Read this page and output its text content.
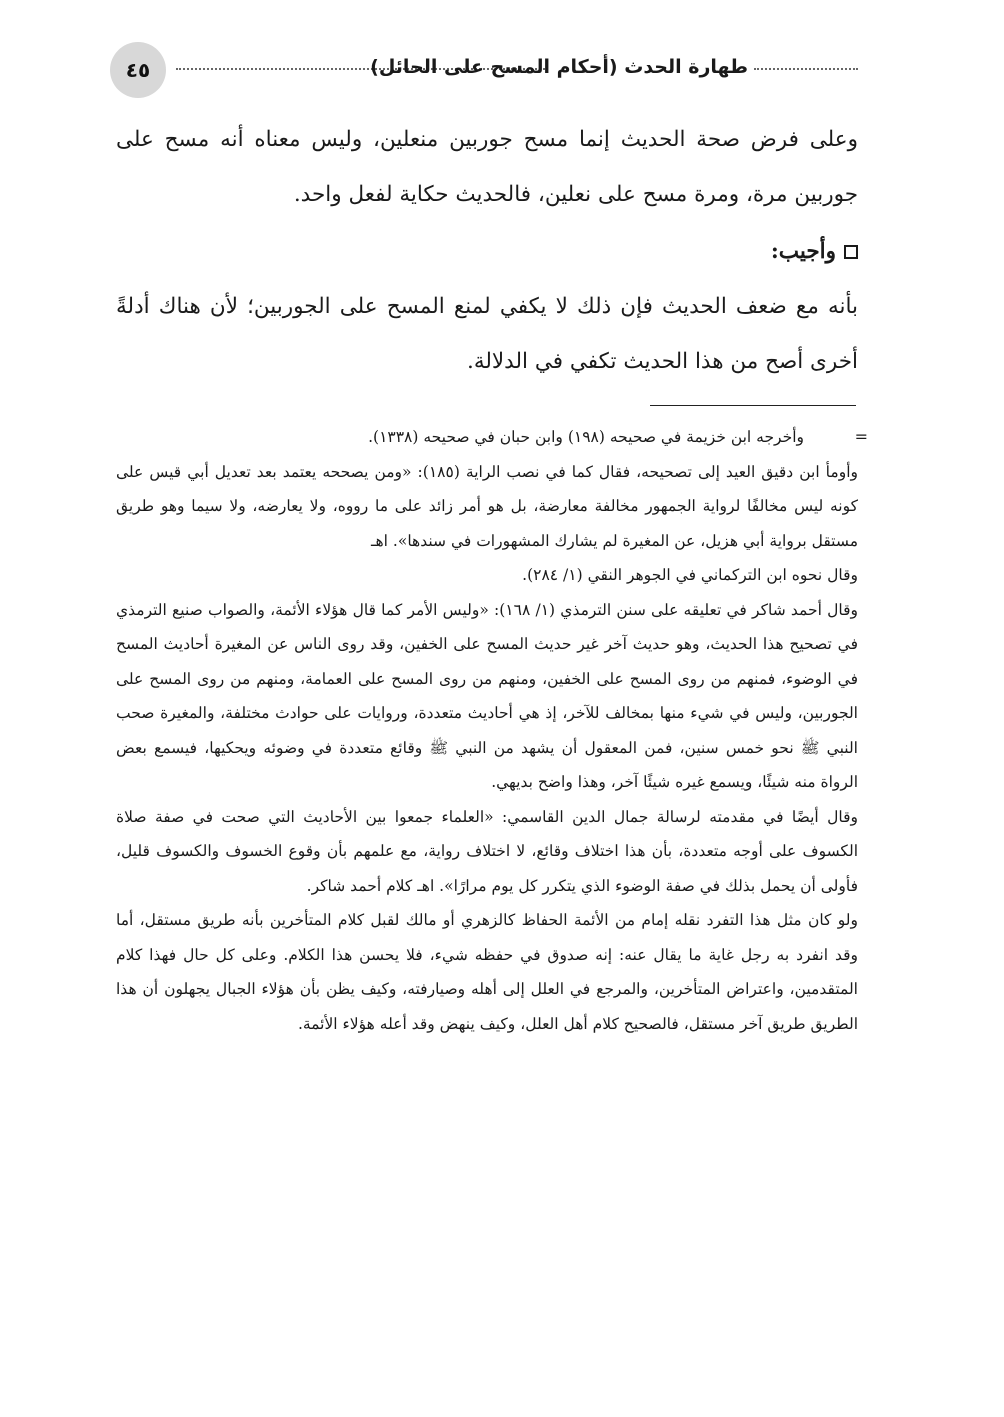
٤٥	طهارة الحدث (أحكام المسح على الحائل)

وعلى فرض صحة الحديث إنما مسح جوربين منعلين، وليس معناه أنه مسح على جوربين مرة، ومرة مسح على نعلين، فالحديث حكاية لفعل واحد.

وأجيب:

بأنه مع ضعف الحديث فإن ذلك لا يكفي لمنع المسح على الجوربين؛ لأن هناك أدلةً أخرى أصح من هذا الحديث تكفي في الدلالة.

=
وأخرجه ابن خزيمة في صحيحه (١٩٨) وابن حبان في صحيحه (١٣٣٨).

وأومأ ابن دقيق العيد إلى تصحيحه، فقال كما في نصب الراية (١٨٥): «ومن يصححه يعتمد بعد تعديل أبي قيس على كونه ليس مخالفًا لرواية الجمهور مخالفة معارضة، بل هو أمر زائد على ما رووه، ولا يعارضه، ولا سيما وهو طريق مستقل برواية أبي هزيل، عن المغيرة لم يشارك المشهورات في سندها». اهـ

وقال نحوه ابن التركماني في الجوهر النقي (١/ ٢٨٤).

وقال أحمد شاكر في تعليقه على سنن الترمذي (١/ ١٦٨): «وليس الأمر كما قال هؤلاء الأئمة، والصواب صنيع الترمذي في تصحيح هذا الحديث، وهو حديث آخر غير حديث المسح على الخفين، وقد روى الناس عن المغيرة أحاديث المسح في الوضوء، فمنهم من روى المسح على الخفين، ومنهم من روى المسح على العمامة، ومنهم من روى المسح على الجوربين، وليس في شيء منها بمخالف للآخر، إذ هي أحاديث متعددة، وروايات على حوادث مختلفة، والمغيرة صحب النبي ﷺ نحو خمس سنين، فمن المعقول أن يشهد من النبي ﷺ وقائع متعددة في وضوئه ويحكيها، فيسمع بعض الرواة منه شيئًا، ويسمع غيره شيئًا آخر، وهذا واضح بديهي.

وقال أيضًا في مقدمته لرسالة جمال الدين القاسمي: «العلماء جمعوا بين الأحاديث التي صحت في صفة صلاة الكسوف على أوجه متعددة، بأن هذا اختلاف وقائع، لا اختلاف رواية، مع علمهم بأن وقوع الخسوف والكسوف قليل، فأولى أن يحمل بذلك في صفة الوضوء الذي يتكرر كل يوم مرارًا». اهـ كلام أحمد شاكر.

ولو كان مثل هذا التفرد نقله إمام من الأئمة الحفاظ كالزهري أو مالك لقبل كلام المتأخرين بأنه طريق مستقل، أما وقد انفرد به رجل غاية ما يقال عنه: إنه صدوق في حفظه شيء، فلا يحسن هذا الكلام. وعلى كل حال فهذا كلام المتقدمين، واعتراض المتأخرين، والمرجع في العلل إلى أهله وصيارفته، وكيف يظن بأن هؤلاء الجبال يجهلون أن هذا الطريق طريق آخر مستقل، فالصحيح كلام أهل العلل، وكيف ينهض وقد أعله هؤلاء الأئمة.
